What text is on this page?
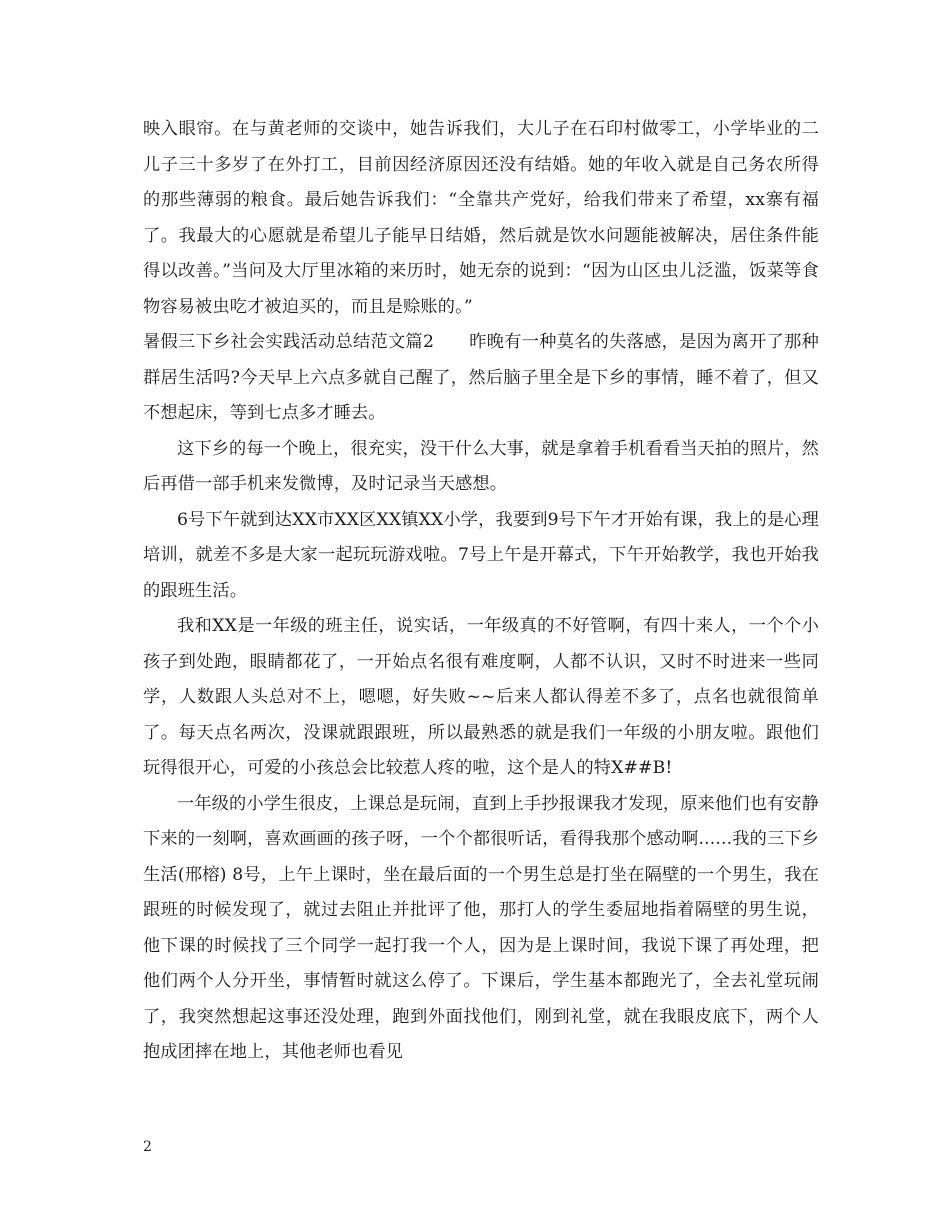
映入眼帘。在与黄老师的交谈中，她告诉我们，大儿子在石印村做零工，小学毕业的二儿子三十多岁了在外打工，目前因经济原因还没有结婚。她的年收入就是自己务农所得的那些薄弱的粮食。最后她告诉我们：“全靠共产党好，给我们带来了希望，xx寨有福了。我最大的心愿就是希望儿子能早日结婚，然后就是饮水问题能被解决，居住条件能得以改善。”当问及大厅里冰箱的来历时，她无奈的说到：“因为山区虫儿泛滥，饭菜等食物容易被虫吃才被迫买的，而且是赊账的。”

暑假三下乡社会实践活动总结范文篇2　　昨晚有一种莫名的失落感，是因为离开了那种群居生活吗?今天早上六点多就自己醒了，然后脑子里全是下乡的事情，睡不着了，但又不想起床，等到七点多才睡去。

这下乡的每一个晚上，很充实，没干什么大事，就是拿着手机看看当天拍的照片，然后再借一部手机来发微博，及时记录当天感想。

6号下午就到达XX市XX区XX镇XX小学，我要到9号下午才开始有课，我上的是心理培训，就差不多是大家一起玩玩游戏啦。7号上午是开幕式，下午开始教学，我也开始我的跟班生活。

我和XX是一年级的班主任，说实话，一年级真的不好管啊，有四十来人，一个个小孩子到处跑，眼睛都花了，一开始点名很有难度啊，人都不认识，又时不时进来一些同学，人数跟人头总对不上，嗯嗯，好失败~~后来人都认得差不多了，点名也就很简单了。每天点名两次，没课就跟跟班，所以最熟悉的就是我们一年级的小朋友啦。跟他们玩得很开心，可爱的小孩总会比较惹人疼的啦，这个是人的特X##B!

一年级的小学生很皮，上课总是玩闹，直到上手抄报课我才发现，原来他们也有安静下来的一刻啊，喜欢画画的孩子呀，一个个都很听话，看得我那个感动啊......我的三下乡生活(邢榕) 8号，上午上课时，坐在最后面的一个男生总是打坐在隔壁的一个男生，我在跟班的时候发现了，就过去阻止并批评了他，那打人的学生委屈地指着隔壁的男生说，他下课的时候找了三个同学一起打我一个人，因为是上课时间，我说下课了再处理，把他们两个人分开坐，事情暂时就这么停了。下课后，学生基本都跑光了，全去礼堂玩闹了，我突然想起这事还没处理，跑到外面找他们，刚到礼堂，就在我眼皮底下，两个人抱成团摔在地上，其他老师也看见

2
